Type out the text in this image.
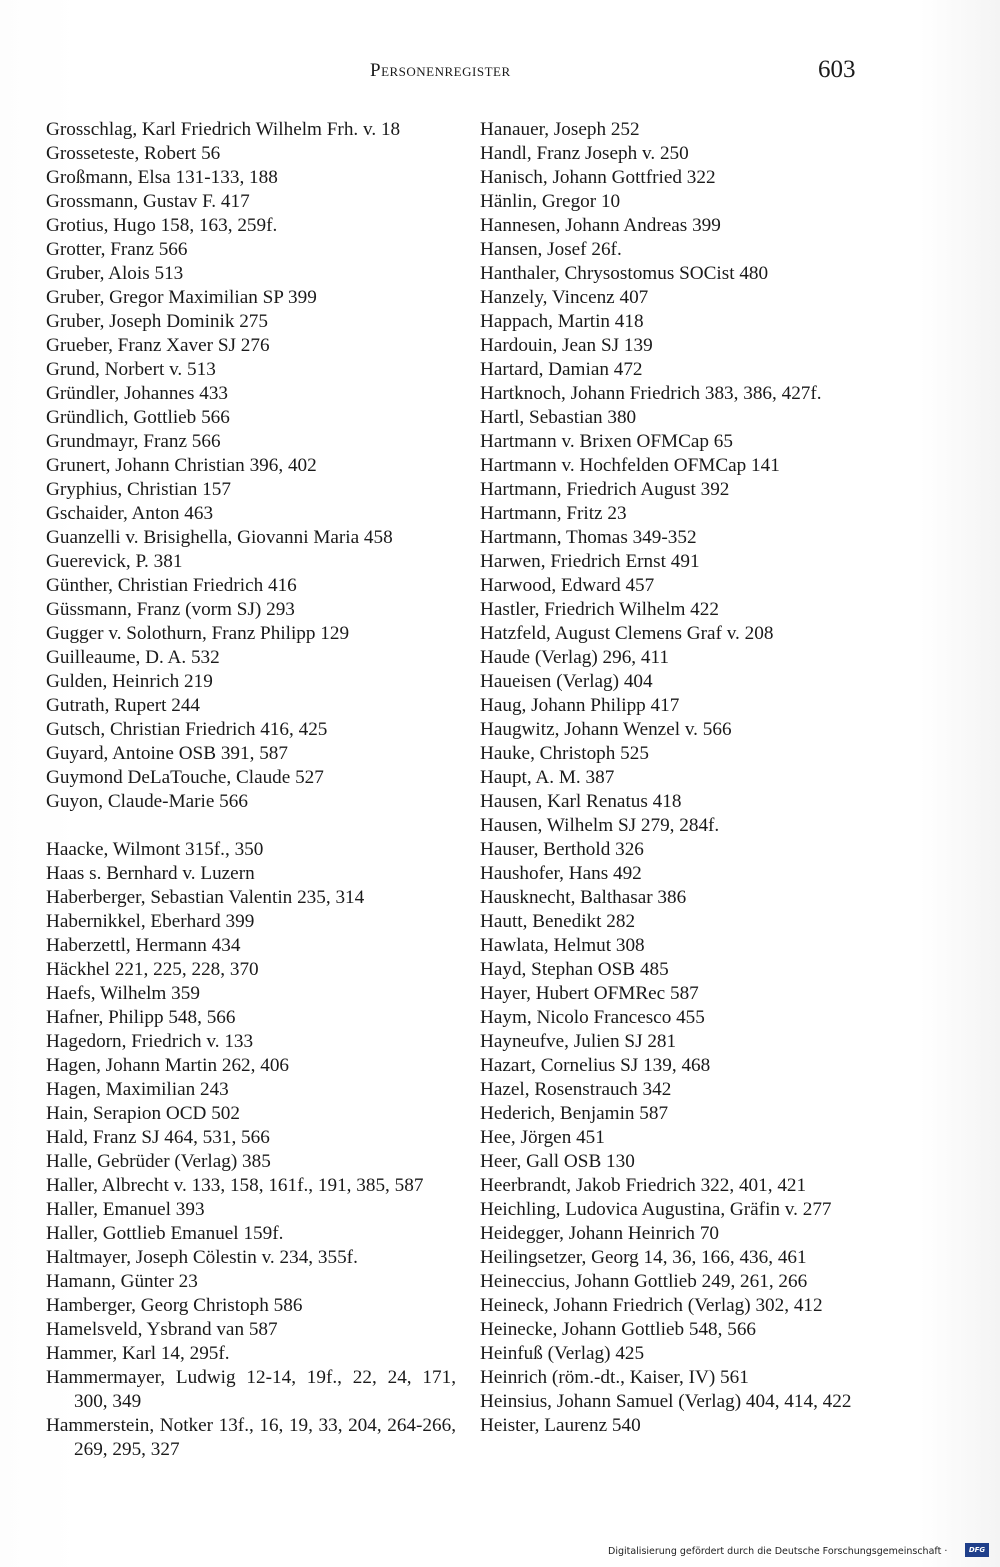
Personenregister	603
Grosschlag, Karl Friedrich Wilhelm Frh. v. 18
Grosseteste, Robert 56
Großmann, Elsa 131-133, 188
Grossmann, Gustav F. 417
Grotius, Hugo 158, 163, 259f.
Grotter, Franz 566
Gruber, Alois 513
Gruber, Gregor Maximilian SP 399
Gruber, Joseph Dominik 275
Grueber, Franz Xaver SJ 276
Grund, Norbert v. 513
Gründler, Johannes 433
Gründlich, Gottlieb 566
Grundmayr, Franz 566
Grunert, Johann Christian 396, 402
Gryphius, Christian 157
Gschaider, Anton 463
Guanzelli v. Brisighella, Giovanni Maria 458
Guerevick, P. 381
Günther, Christian Friedrich 416
Güssmann, Franz (vorm SJ) 293
Gugger v. Solothurn, Franz Philipp 129
Guilleaume, D. A. 532
Gulden, Heinrich 219
Gutrath, Rupert 244
Gutsch, Christian Friedrich 416, 425
Guyard, Antoine OSB 391, 587
Guymond DeLaTouche, Claude 527
Guyon, Claude-Marie 566
Haacke, Wilmont 315f., 350
Haas s. Bernhard v. Luzern
Haberberger, Sebastian Valentin 235, 314
Habernikkel, Eberhard 399
Haberzettl, Hermann 434
Häckhel 221, 225, 228, 370
Haefs, Wilhelm 359
Hafner, Philipp 548, 566
Hagedorn, Friedrich v. 133
Hagen, Johann Martin 262, 406
Hagen, Maximilian 243
Hain, Serapion OCD 502
Hald, Franz SJ 464, 531, 566
Halle, Gebrüder (Verlag) 385
Haller, Albrecht v. 133, 158, 161f., 191, 385, 587
Haller, Emanuel 393
Haller, Gottlieb Emanuel 159f.
Haltmayer, Joseph Cölestin v. 234, 355f.
Hamann, Günter 23
Hamberger, Georg Christoph 586
Hamelsveld, Ysbrand van 587
Hammer, Karl 14, 295f.
Hammermayer, Ludwig 12-14, 19f., 22, 24, 171, 300, 349
Hammerstein, Notker 13f., 16, 19, 33, 204, 264-266, 269, 295, 327
Hanauer, Joseph 252
Handl, Franz Joseph v. 250
Hanisch, Johann Gottfried 322
Hänlin, Gregor 10
Hannesen, Johann Andreas 399
Hansen, Josef 26f.
Hanthaler, Chrysostomus SOCist 480
Hanzely, Vincenz 407
Happach, Martin 418
Hardouin, Jean SJ 139
Hartard, Damian 472
Hartknoch, Johann Friedrich 383, 386, 427f.
Hartl, Sebastian 380
Hartmann v. Brixen OFMCap 65
Hartmann v. Hochfelden OFMCap 141
Hartmann, Friedrich August 392
Hartmann, Fritz 23
Hartmann, Thomas 349-352
Harwen, Friedrich Ernst 491
Harwood, Edward 457
Hastler, Friedrich Wilhelm 422
Hatzfeld, August Clemens Graf v. 208
Haude (Verlag) 296, 411
Haueisen (Verlag) 404
Haug, Johann Philipp 417
Haugwitz, Johann Wenzel v. 566
Hauke, Christoph 525
Haupt, A. M. 387
Hausen, Karl Renatus 418
Hausen, Wilhelm SJ 279, 284f.
Hauser, Berthold 326
Haushofer, Hans 492
Hausknecht, Balthasar 386
Hautt, Benedikt 282
Hawlata, Helmut 308
Hayd, Stephan OSB 485
Hayer, Hubert OFMRec 587
Haym, Nicolo Francesco 455
Hayneufve, Julien SJ 281
Hazart, Cornelius SJ 139, 468
Hazel, Rosenstrauch 342
Hederich, Benjamin 587
Hee, Jörgen 451
Heer, Gall OSB 130
Heerbrandt, Jakob Friedrich 322, 401, 421
Heichling, Ludovica Augustina, Gräfin v. 277
Heidegger, Johann Heinrich 70
Heilingsetzer, Georg 14, 36, 166, 436, 461
Heineccius, Johann Gottlieb 249, 261, 266
Heineck, Johann Friedrich (Verlag) 302, 412
Heinecke, Johann Gottlieb 548, 566
Heinfuß (Verlag) 425
Heinrich (röm.-dt., Kaiser, IV) 561
Heinsius, Johann Samuel (Verlag) 404, 414, 422
Heister, Laurenz 540
Digitalisierung gefördert durch die Deutsche Forschungsgemeinschaft ·	DFG
